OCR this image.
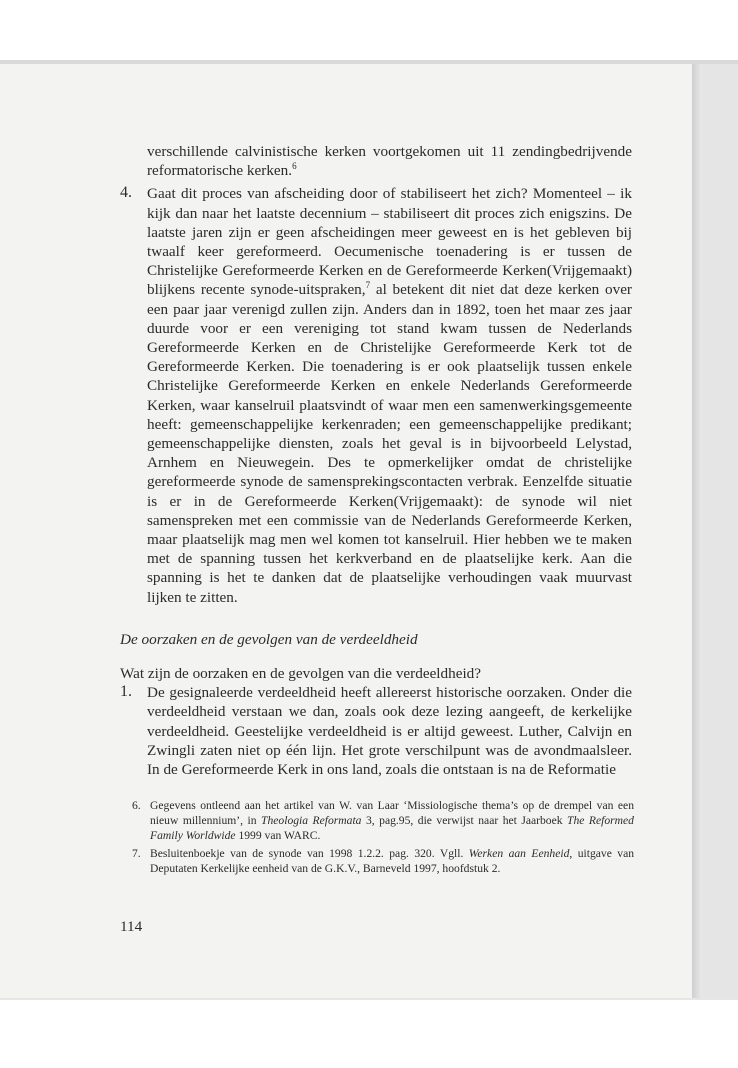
verschillende calvinistische kerken voortgekomen uit 11 zendingbedrijvende reformatorische kerken.$^6$

4. Gaat dit proces van afscheiding door of stabiliseert het zich? Momenteel – ik kijk dan naar het laatste decennium – stabiliseert dit proces zich enigszins. De laatste jaren zijn er geen afscheidingen meer geweest en is het gebleven bij twaalf keer gereformeerd. Oecumenische toenadering is er tussen de Christelijke Gereformeerde Kerken en de Gereformeerde Kerken(Vrijgemaakt) blijkens recente synode-uitspraken,$^7$ al betekent dit niet dat deze kerken over een paar jaar verenigd zullen zijn. Anders dan in 1892, toen het maar zes jaar duurde voor er een vereniging tot stand kwam tussen de Nederlands Gereformeerde Kerken en de Christelijke Gereformeerde Kerk tot de Gereformeerde Kerken. Die toenadering is er ook plaatselijk tussen enkele Christelijke Gereformeerde Kerken en enkele Nederlands Gereformeerde Kerken, waar kanselruil plaatsvindt of waar men een samenwerkingsgemeente heeft: gemeenschappelijke kerkenraden; een gemeenschappelijke predikant; gemeenschappelijke diensten, zoals het geval is in bijvoorbeeld Lelystad, Arnhem en Nieuwegein. Des te opmerkelijker omdat de christelijke gereformeerde synode de samensprekingscontacten verbrak. Eenzelfde situatie is er in de Gereformeerde Kerken(Vrijgemaakt): de synode wil niet samenspreken met een commissie van de Nederlands Gereformeerde Kerken, maar plaatselijk mag men wel komen tot kanselruil. Hier hebben we te maken met de spanning tussen het kerkverband en de plaatselijke kerk. Aan die spanning is het te danken dat de plaatselijke verhoudingen vaak muurvast lijken te zitten.

De oorzaken en de gevolgen van de verdeeldheid

Wat zijn de oorzaken en de gevolgen van die verdeeldheid?

1. De gesignaleerde verdeeldheid heeft allereerst historische oorzaken. Onder die verdeeldheid verstaan we dan, zoals ook deze lezing aangeeft, de kerkelijke verdeeldheid. Geestelijke verdeeldheid is er altijd geweest. Luther, Calvijn en Zwingli zaten niet op één lijn. Het grote verschilpunt was de avondmaalsleer. In de Gereformeerde Kerk in ons land, zoals die ontstaan is na de Reformatie

6. Gegevens ontleend aan het artikel van W. van Laar ‘Missiologische thema’s op de drempel van een nieuw millennium’, in Theologia Reformata 3, pag.95, die verwijst naar het Jaarboek The Reformed Family Worldwide 1999 van WARC.

7. Besluitenboekje van de synode van 1998 1.2.2. pag. 320. Vgll. Werken aan Eenheid, uitgave van Deputaten Kerkelijke eenheid van de G.K.V., Barneveld 1997, hoofdstuk 2.

114
